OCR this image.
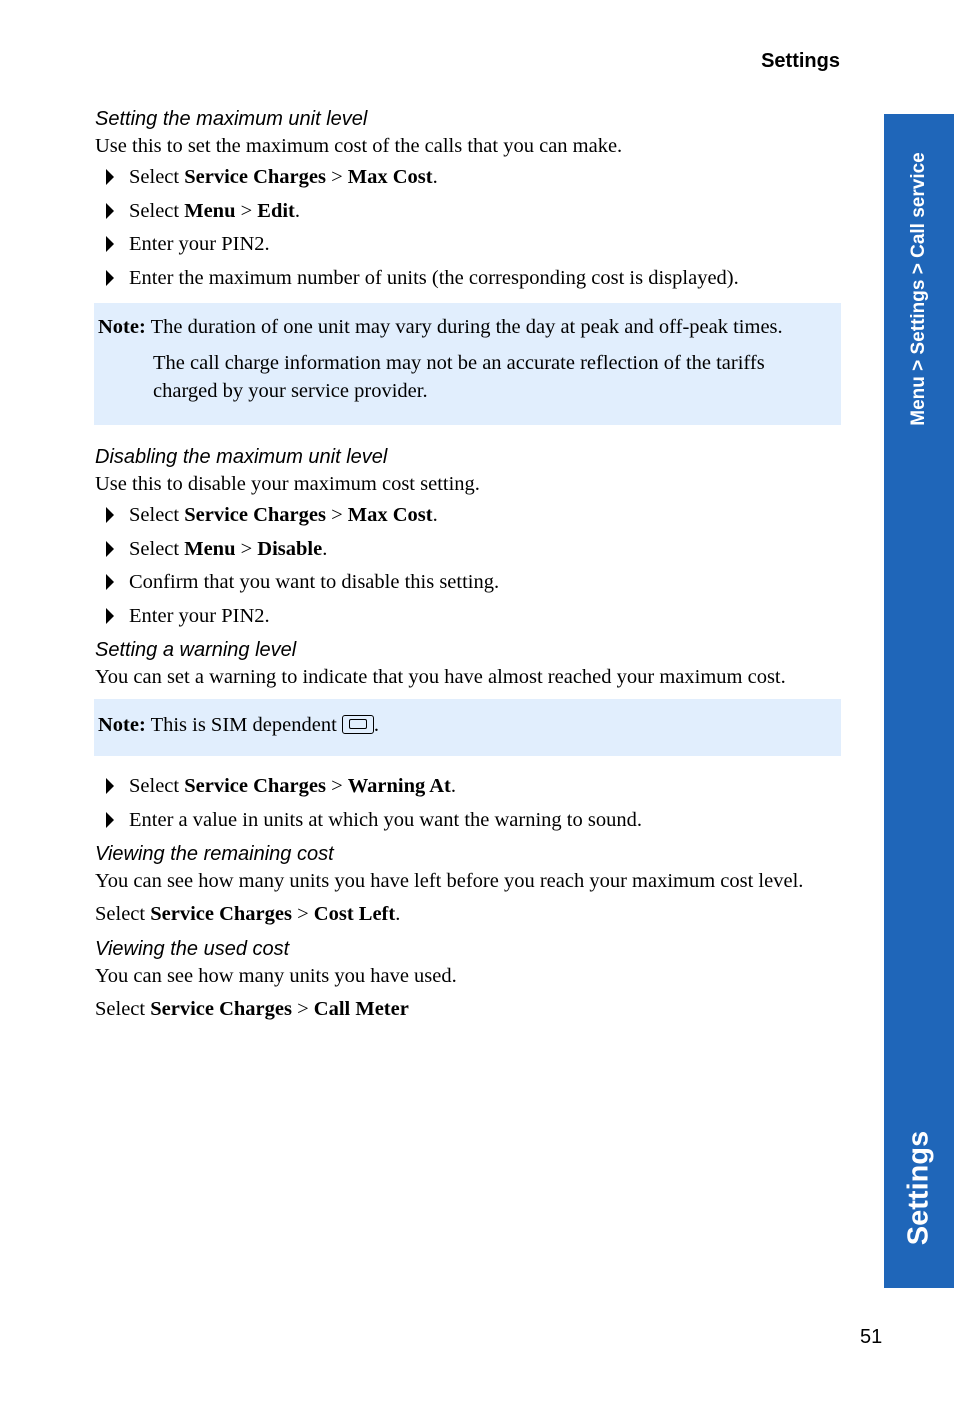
Settings
Menu > Settings > Call service
Settings

Setting the maximum unit level

Use this to set the maximum cost of the calls that you can make.

Select Service Charges > Max Cost.
Select Menu > Edit.
Enter your PIN2.
Enter the maximum number of units (the corresponding cost is displayed).
Note: The duration of one unit may vary during the day at peak and off-peak times.
The call charge information may not be an accurate reflection of the tariffs charged by your service provider.

Disabling the maximum unit level

Use this to disable your maximum cost setting.

Select Service Charges > Max Cost.
Select Menu > Disable.
Confirm that you want to disable this setting.
Enter your PIN2.

Setting a warning level

You can set a warning to indicate that you have almost reached your maximum cost.

Note: This is SIM dependent .
Select Service Charges > Warning At.
Enter a value in units at which you want the warning to sound.

Viewing the remaining cost

You can see how many units you have left before you reach your maximum cost level.

Select Service Charges > Cost Left.

Viewing the used cost

You can see how many units you have used.

Select Service Charges > Call Meter

51
